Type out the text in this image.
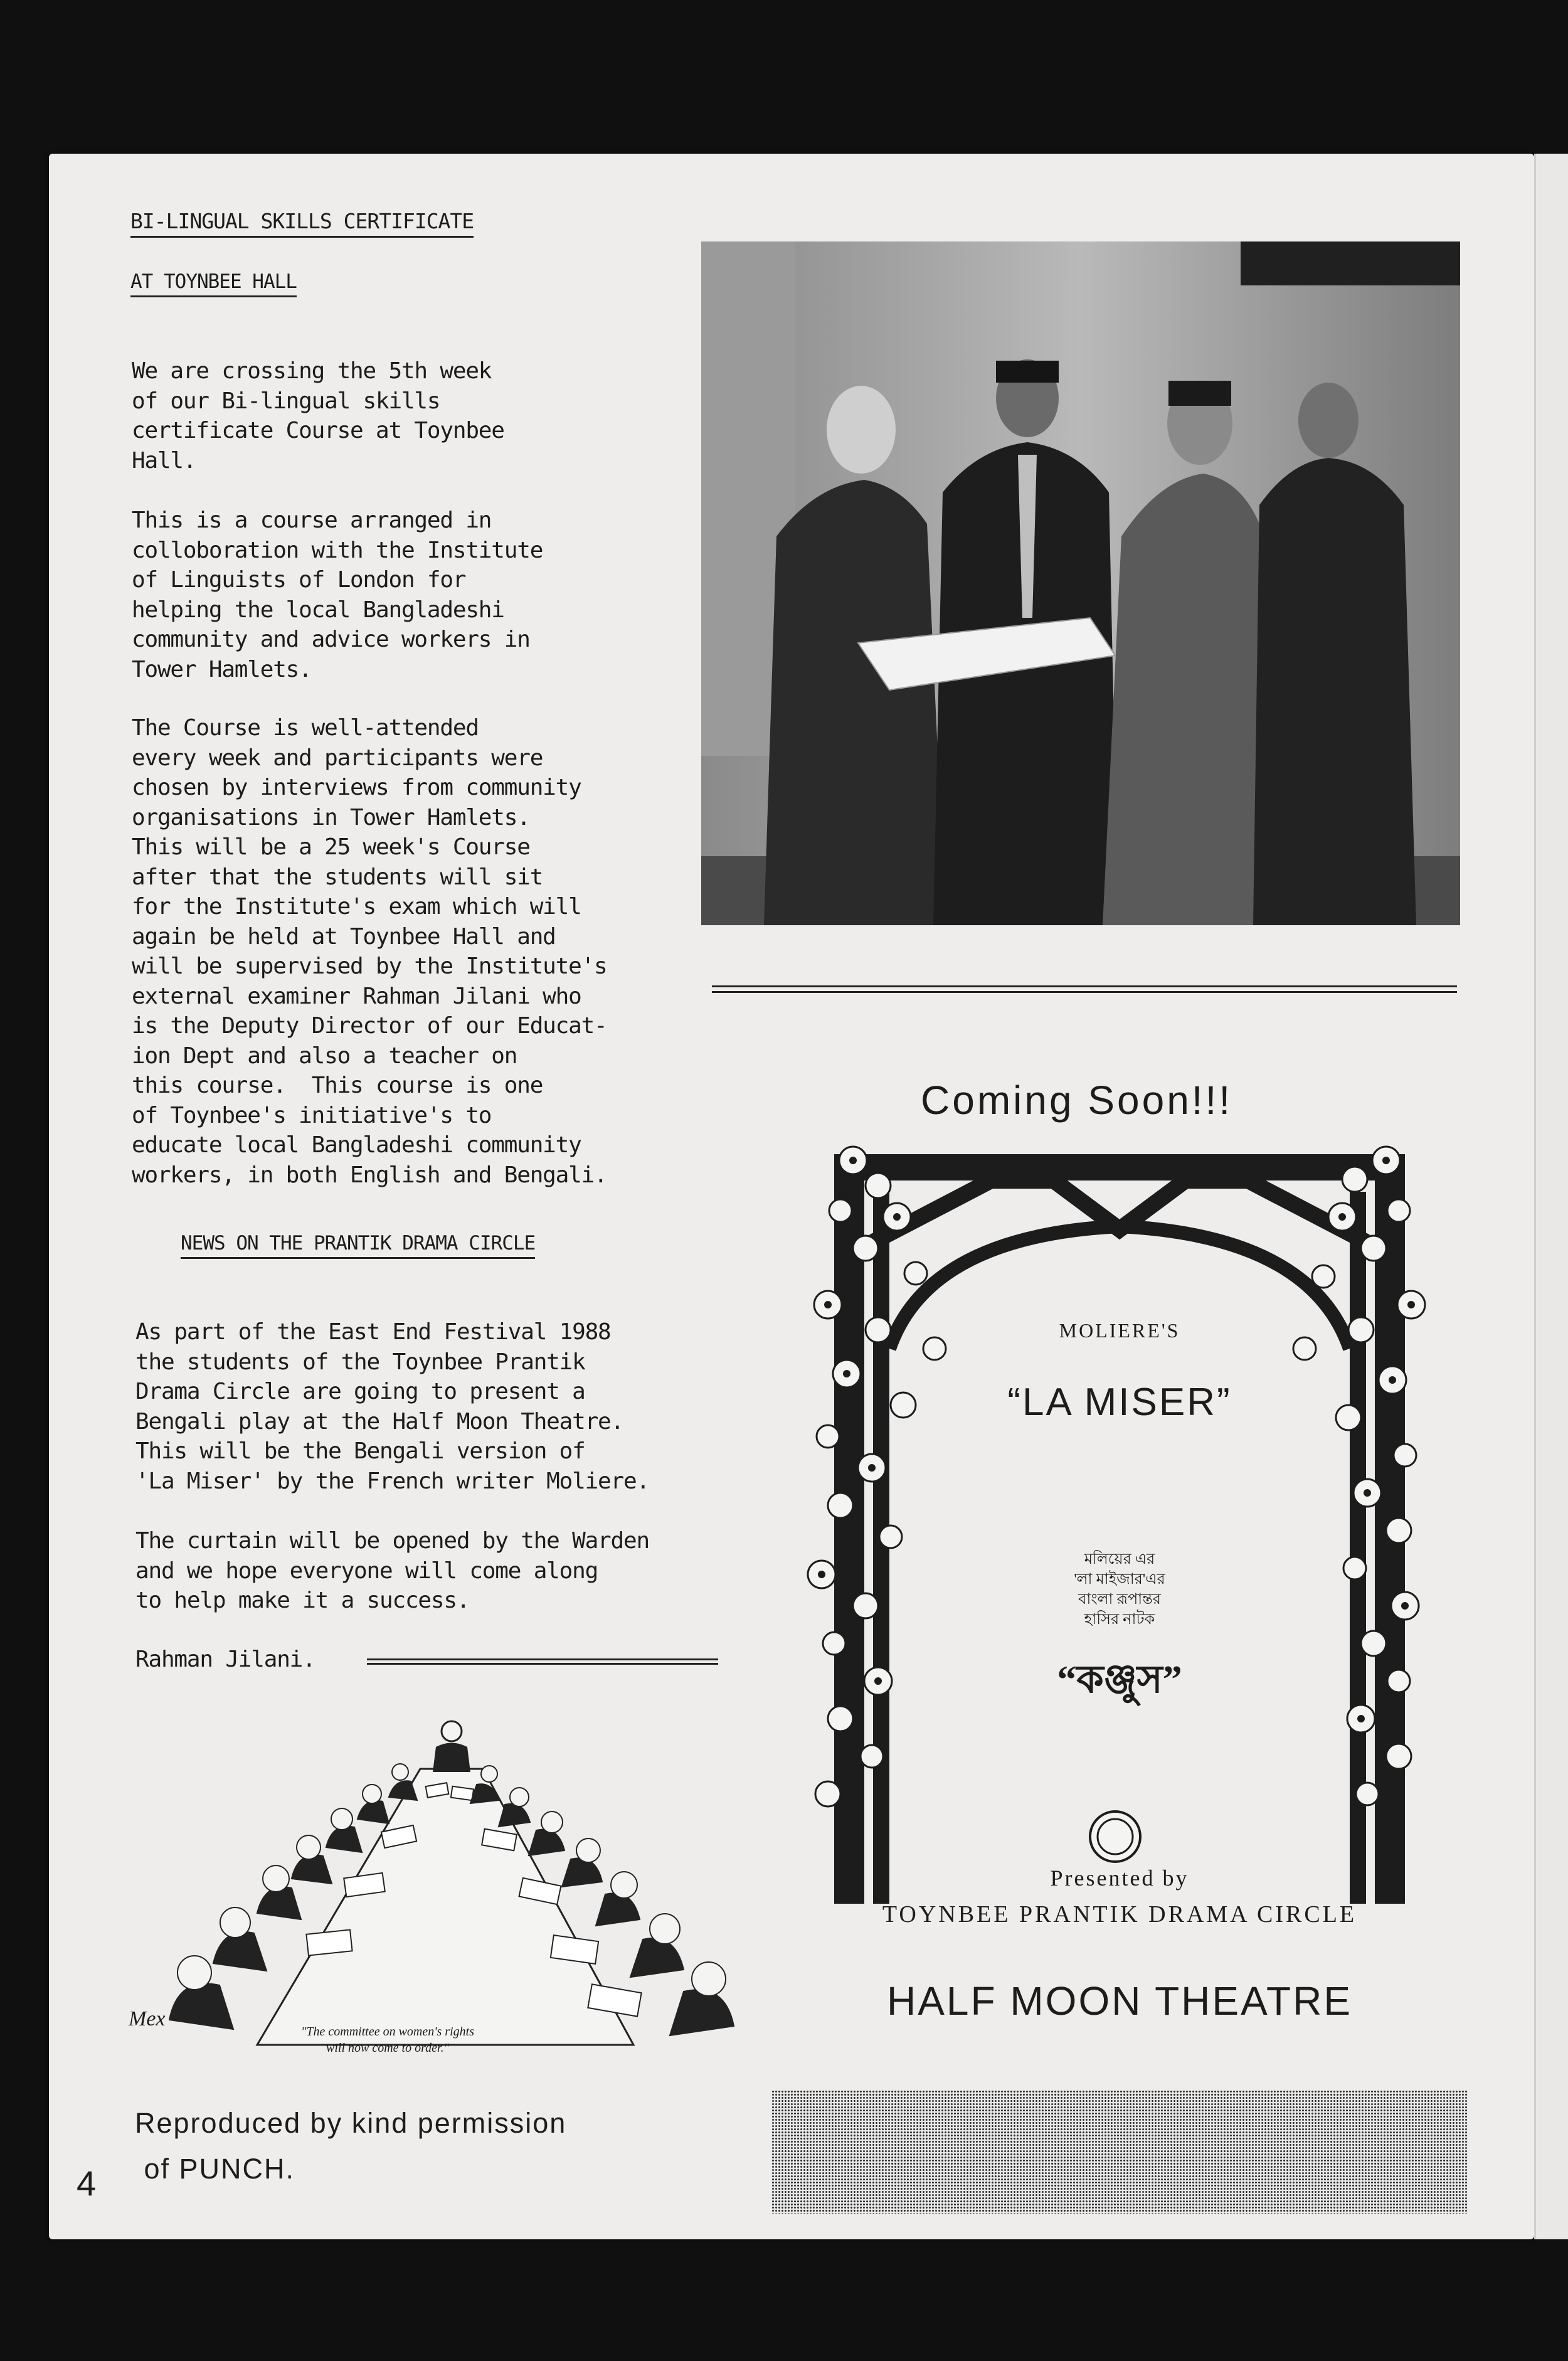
BI-LINGUAL SKILLS CERTIFICATE
AT TOYNBEE HALL
We are crossing the 5th week
of our Bi-lingual skills
certificate Course at Toynbee
Hall.
This is a course arranged in
colloboration with the Institute
of Linguists of London for
helping the local Bangladeshi
community and advice workers in
Tower Hamlets.
The Course is well-attended
every week and participants were
chosen by interviews from community
organisations in Tower Hamlets.
This will be a 25 week's Course
after that the students will sit
for the Institute's exam which will
again be held at Toynbee Hall and
will be supervised by the Institute's
external examiner Rahman Jilani who
is the Deputy Director of our Educat-
ion Dept and also a teacher on
this course.  This course is one
of Toynbee's initiative's to
educate local Bangladeshi community
workers, in both English and Bengali.
NEWS ON THE PRANTIK DRAMA CIRCLE
As part of the East End Festival 1988
the students of the Toynbee Prantik
Drama Circle are going to present a
Bengali play at the Half Moon Theatre.
This will be the Bengali version of
'La Miser' by the French writer Moliere.
The curtain will be opened by the Warden
and we hope everyone will come along
to help make it a success.
Rahman Jilani.
Mex
"The committee on women's rights
will now come to order."
Reproduced by kind permission
of PUNCH.
4
Coming Soon!!!
MOLIERE'S
“LA MISER”
মলিয়ের এর
'লা মাইজার'এর
বাংলা রূপান্তর
হাসির নাটক
“কঞ্জুস”
Presented by
TOYNBEE PRANTIK DRAMA CIRCLE
HALF MOON THEATRE
